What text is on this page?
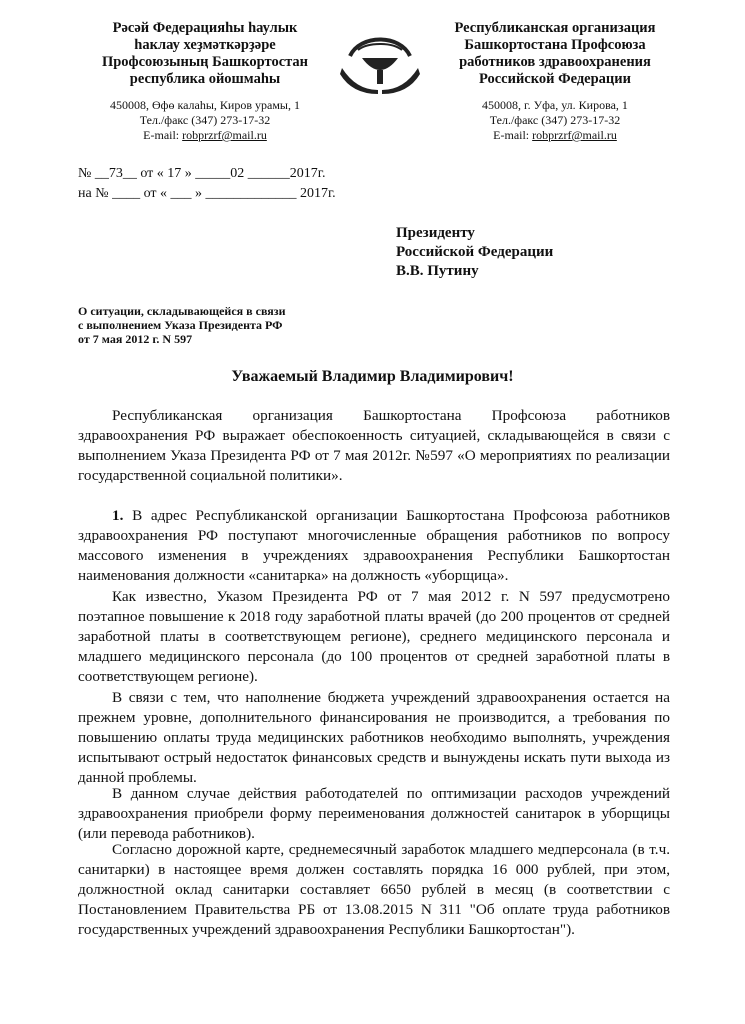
Рәсәй Федерацияһы һаулык
һаклау хеҙмәткәрҙәре
Профсоюзының Башкортостан
республика ойошмаһы
450008, Өфө калаһы, Киров урамы, 1
Тел./факс (347) 273-17-32
E-mail: robprzrf@mail.ru
Республиканская организация
Башкортостана Профсоюза
работников здравоохранения
Российской Федерации
450008, г. Уфа, ул. Кирова, 1
Тел./факс (347) 273-17-32
E-mail: robprzrf@mail.ru
№ __73__ от « 17 » _____02 ______2017г.
на № ____ от « ___ » _____________ 2017г.
Президенту
Российской Федерации
В.В. Путину
О ситуации, складывающейся в связи
с выполнением Указа Президента РФ
от 7 мая 2012 г. N 597
Уважаемый Владимир Владимирович!
Республиканская организация Башкортостана Профсоюза работников здравоохранения РФ выражает обеспокоенность ситуацией, складывающейся в связи с выполнением Указа Президента РФ от 7 мая 2012г. №597 «О мероприятиях по реализации государственной социальной политики».
1. В адрес Республиканской организации Башкортостана Профсоюза работников здравоохранения РФ поступают многочисленные обращения работников по вопросу массового изменения в учреждениях здравоохранения Республики Башкортостан наименования должности «санитарка» на должность «уборщица».
Как известно, Указом Президента РФ от 7 мая 2012 г. N 597 предусмотрено поэтапное повышение к 2018 году заработной платы врачей (до 200 процентов от средней заработной платы в соответствующем регионе), среднего медицинского персонала и младшего медицинского персонала (до 100 процентов от средней заработной платы в соответствующем регионе).
В связи с тем, что наполнение бюджета учреждений здравоохранения остается на прежнем уровне, дополнительного финансирования не производится, а требования по повышению оплаты труда медицинских работников необходимо выполнять, учреждения испытывают острый недостаток финансовых средств и вынуждены искать пути выхода из данной проблемы.
В данном случае действия работодателей по оптимизации расходов учреждений здравоохранения приобрели форму переименования должностей санитарок в уборщицы (или перевода работников).
Согласно дорожной карте, среднемесячный заработок младшего медперсонала (в т.ч. санитарки) в настоящее время должен составлять порядка 16 000 рублей, при этом, должностной оклад санитарки составляет 6650 рублей в месяц (в соответствии с Постановлением Правительства РБ от 13.08.2015 N 311 "Об оплате труда работников государственных учреждений здравоохранения Республики Башкортостан").
